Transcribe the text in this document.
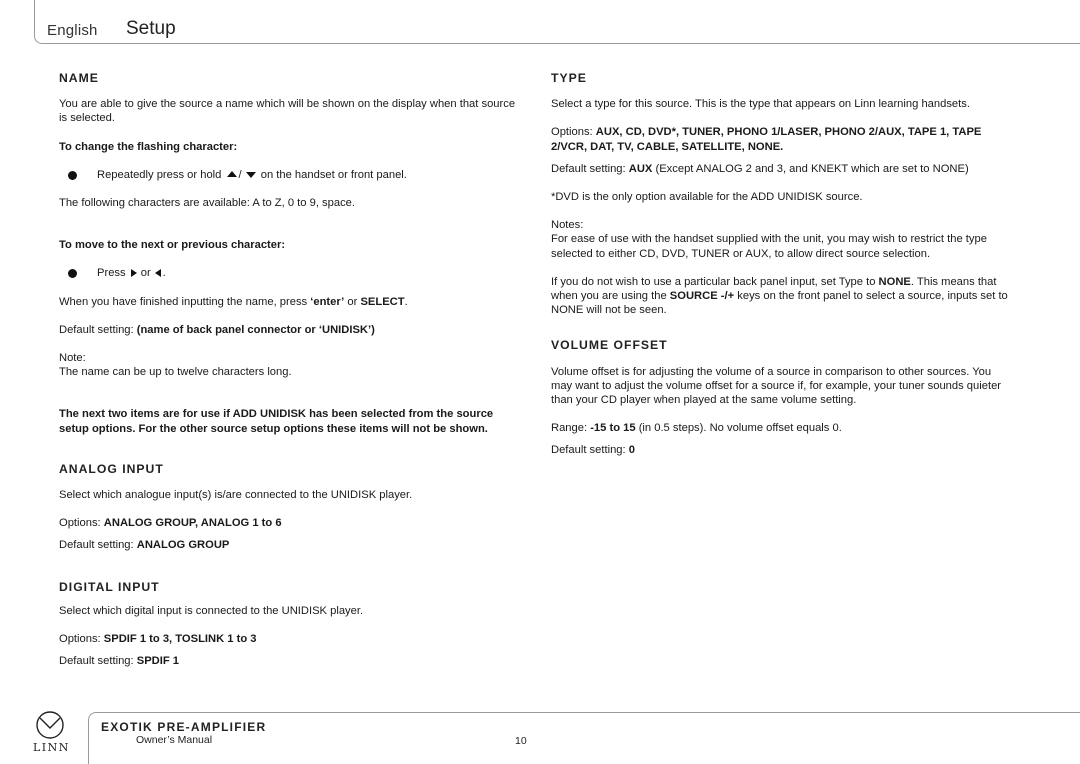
English Setup
NAME

You are able to give the source a name which will be shown on the display when that source is selected.

To change the flashing character:

Repeatedly press or hold / on the handset or front panel.

The following characters are available: A to Z, 0 to 9, space.

To move to the next or previous character:

Press or .

When you have finished inputting the name, press ‘enter’ or SELECT.

Default setting: (name of back panel connector or ‘UNIDISK’)

Note:

The name can be up to twelve characters long.

The next two items are for use if ADD UNIDISK has been selected from the source setup options. For the other source setup options these items will not be shown.

ANALOG INPUT

Select which analogue input(s) is/are connected to the UNIDISK player.

Options: ANALOG GROUP, ANALOG 1 to 6

Default setting: ANALOG GROUP

DIGITAL INPUT

Select which digital input is connected to the UNIDISK player.

Options: SPDIF 1 to 3, TOSLINK 1 to 3

Default setting: SPDIF 1

TYPE

Select a type for this source. This is the type that appears on Linn learning handsets.

Options: AUX, CD, DVD*, TUNER, PHONO 1/LASER, PHONO 2/AUX, TAPE 1, TAPE 2/VCR, DAT, TV, CABLE, SATELLITE, NONE.

Default setting: AUX (Except ANALOG 2 and 3, and KNEKT which are set to NONE)

*DVD is the only option available for the ADD UNIDISK source.

Notes:

For ease of use with the handset supplied with the unit, you may wish to restrict the type selected to either CD, DVD, TUNER or AUX, to allow direct source selection.

If you do not wish to use a particular back panel input, set Type to NONE. This means that when you are using the SOURCE -/+ keys on the front panel to select a source, inputs set to NONE will not be seen.

VOLUME OFFSET

Volume offset is for adjusting the volume of a source in comparison to other sources. You may want to adjust the volume offset for a source if, for example, your tuner sounds quieter than your CD player when played at the same volume setting.

Range: -15 to 15 (in 0.5 steps). No volume offset equals 0.

Default setting: 0

LINN
EXOTIK PRE-AMPLIFIER
Owner’s Manual	10
